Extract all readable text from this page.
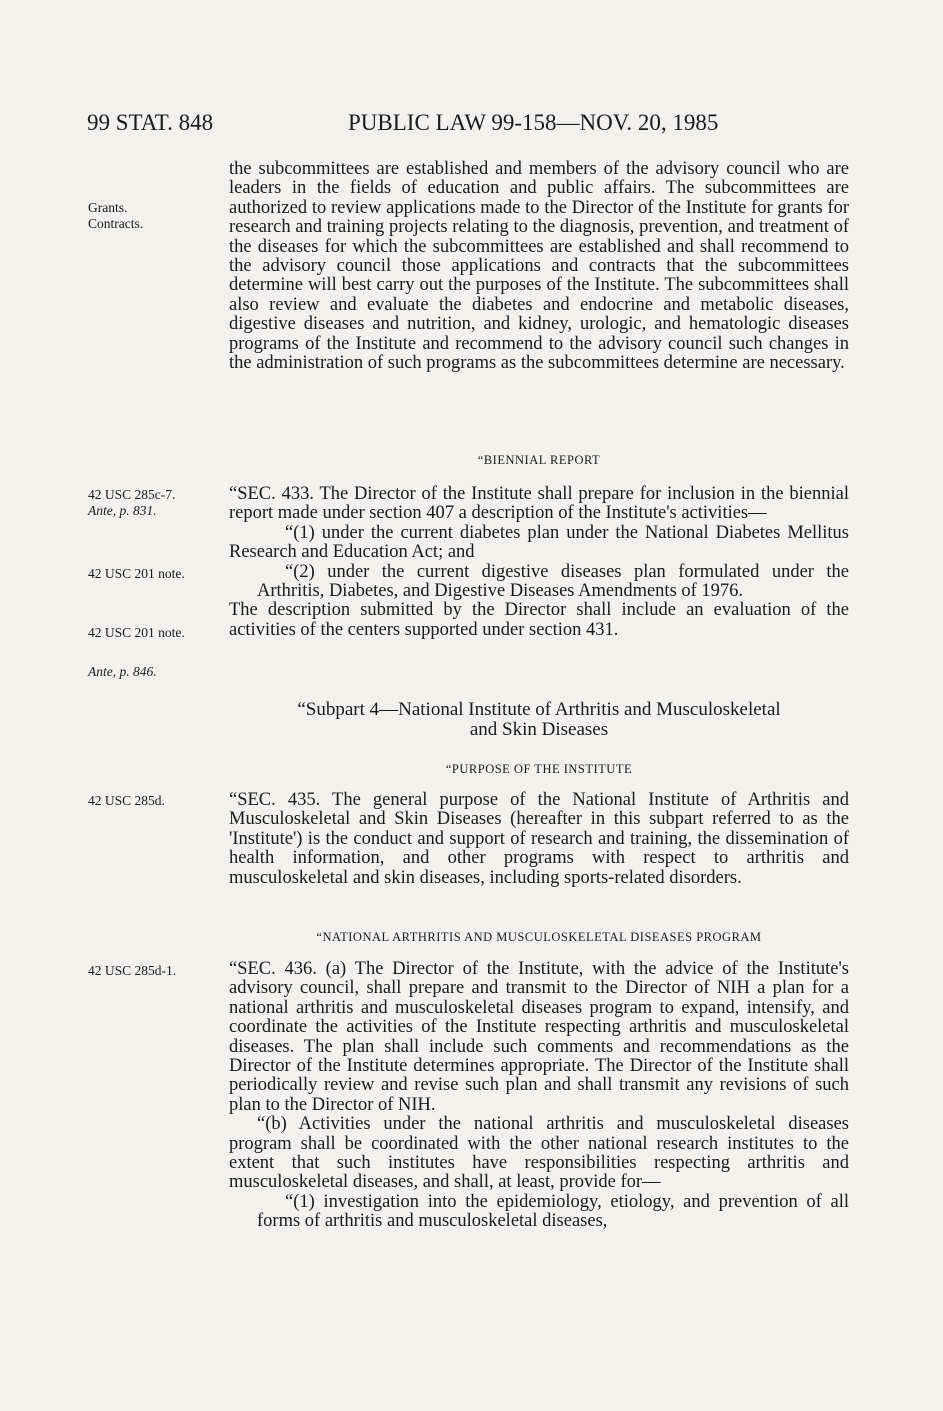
99 STAT. 848	PUBLIC LAW 99-158—NOV. 20, 1985
Grants.
Contracts.
42 USC 285c-7.
Ante, p. 831.
42 USC 201 note.
42 USC 201 note.
Ante, p. 846.
42 USC 285d.
42 USC 285d-1.

the subcommittees are established and members of the advisory council who are leaders in the fields of education and public affairs. The subcommittees are authorized to review applications made to the Director of the Institute for grants for research and training projects relating to the diagnosis, prevention, and treatment of the diseases for which the subcommittees are established and shall recommend to the advisory council those applications and contracts that the subcommittees determine will best carry out the purposes of the Institute. The subcommittees shall also review and evaluate the diabetes and endocrine and metabolic diseases, digestive diseases and nutrition, and kidney, urologic, and hematologic diseases programs of the Institute and recommend to the advisory council such changes in the administration of such programs as the subcommittees determine are necessary.

“BIENNIAL REPORT

“SEC. 433. The Director of the Institute shall prepare for inclusion in the biennial report made under section 407 a description of the Institute's activities—

“(1) under the current diabetes plan under the National Diabetes Mellitus Research and Education Act; and

“(2) under the current digestive diseases plan formulated under the Arthritis, Diabetes, and Digestive Diseases Amendments of 1976.

The description submitted by the Director shall include an evaluation of the activities of the centers supported under section 431.

“Subpart 4—National Institute of Arthritis and Musculoskeletal

and Skin Diseases

“PURPOSE OF THE INSTITUTE

“SEC. 435. The general purpose of the National Institute of Arthritis and Musculoskeletal and Skin Diseases (hereafter in this subpart referred to as the 'Institute') is the conduct and support of research and training, the dissemination of health information, and other programs with respect to arthritis and musculoskeletal and skin diseases, including sports-related disorders.

“NATIONAL ARTHRITIS AND MUSCULOSKELETAL DISEASES PROGRAM

“SEC. 436. (a) The Director of the Institute, with the advice of the Institute's advisory council, shall prepare and transmit to the Director of NIH a plan for a national arthritis and musculoskeletal diseases program to expand, intensify, and coordinate the activities of the Institute respecting arthritis and musculoskeletal diseases. The plan shall include such comments and recommendations as the Director of the Institute determines appropriate. The Director of the Institute shall periodically review and revise such plan and shall transmit any revisions of such plan to the Director of NIH.

“(b) Activities under the national arthritis and musculoskeletal diseases program shall be coordinated with the other national research institutes to the extent that such institutes have responsibilities respecting arthritis and musculoskeletal diseases, and shall, at least, provide for—

“(1) investigation into the epidemiology, etiology, and prevention of all forms of arthritis and musculoskeletal diseases,
